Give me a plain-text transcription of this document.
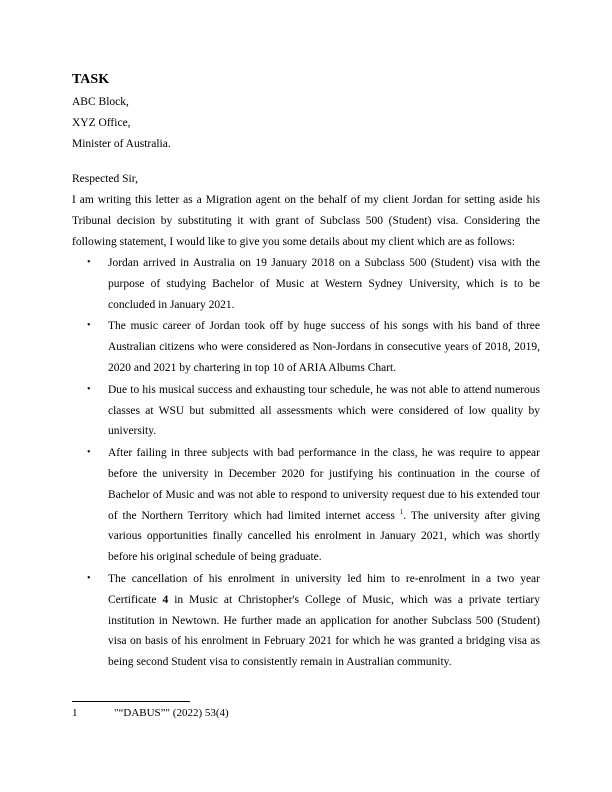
TASK
ABC Block,
XYZ Office,
Minister of Australia.
Respected Sir,

I am writing this letter as a Migration agent on the behalf of my client Jordan for setting aside his Tribunal decision by substituting it with grant of Subclass 500 (Student) visa. Considering the following statement, I would like to give you some details about my client which are as follows:

• Jordan arrived in Australia on 19 January 2018 on a Subclass 500 (Student) visa with the purpose of studying Bachelor of Music at Western Sydney University, which is to be concluded in January 2021.
• The music career of Jordan took off by huge success of his songs with his band of three Australian citizens who were considered as Non-Jordans in consecutive years of 2018, 2019, 2020 and 2021 by chartering in top 10 of ARIA Albums Chart.
• Due to his musical success and exhausting tour schedule, he was not able to attend numerous classes at WSU but submitted all assessments which were considered of low quality by university.
• After failing in three subjects with bad performance in the class, he was require to appear before the university in December 2020 for justifying his continuation in the course of Bachelor of Music and was not able to respond to university request due to his extended tour of the Northern Territory which had limited internet access $^1$. The university after giving various opportunities finally cancelled his enrolment in January 2021, which was shortly before his original schedule of being graduate.
• The cancellation of his enrolment in university led him to re-enrolment in a two year Certificate 4 in Music at Christopher's College of Music, which was a private tertiary institution in Newtown. He further made an application for another Subclass 500 (Student) visa on basis of his enrolment in February 2021 for which he was granted a bridging visa as being second Student visa to consistently remain in Australian community.
1	"“DABUS”" (2022) 53(4)
